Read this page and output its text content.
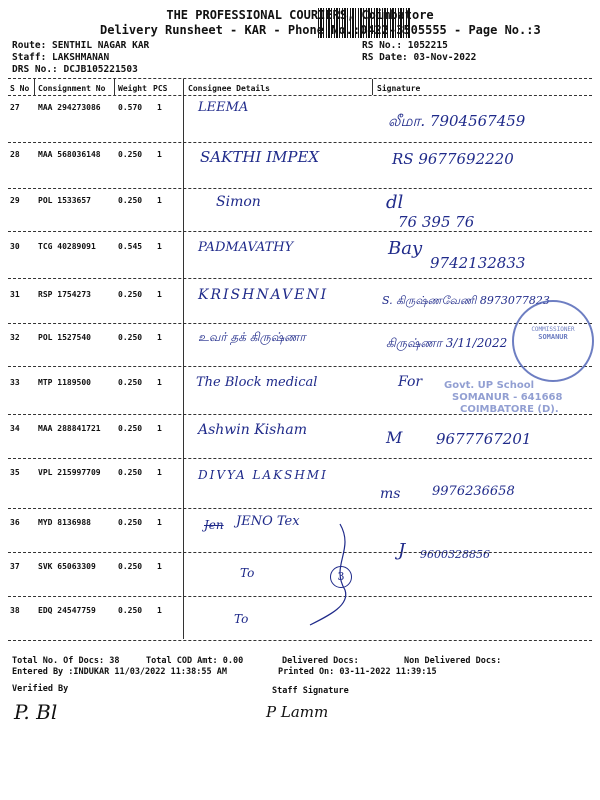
THE PROFESSIONAL COURIERS, Coimbatore
Delivery Runsheet - KAR - Phone No.:0422-3505555 - Page No.:3
Route: SENTHIL NAGAR KAR
Staff: LAKSHMANAN
DRS No.: DCJB105221503
RS No.: 1052215
RS Date: 03-Nov-2022
S No Consignment No Weight PCS	Consignee Details	Signature
27 MAA 294273086 0.570 1	LEEMA
லீமா. 7904567459
28 MAA 568036148 0.250 1	SAKTHI IMPEX	RS 9677692220
29 POL 1533657	0.250 1	Simon	dl
76 395 76
30 TCG 40289091	0.545 1	PADMAVATHY	Bay
9742132833
31 RSP 1754273	0.250 1	KRISHNAVENI	S. கிருஷ்ணவேணி 8973077823
32 POL 1527540	0.250 1	உவர் தக் கிருஷ்ணா	கிருஷ்ணா 3/11/2022
33 MTP 1189500	0.250 1	The Block medical	For
34 MAA 288841721 0.250 1	Ashwin Kisham	M 9677767201
35 VPL 215997709 0.250 1	DIVYA LAKSHMI
ms 9976236658
36 MYD 8136988	0.250 1	Jen JENO Tex
J 9600328856
37 SVK 65063309	0.250 1	To	3
38 EDQ 24547759	0.250 1
To
COMMISSIONER
SOMANUR
Govt. UP School
SOMANUR - 641668
COIMBATORE (D).
Total No. Of Docs: 38	Total COD Amt: 0.00	Delivered Docs:	Non Delivered Docs:
Entered By :INDUKAR 11/03/2022 11:38:55 AM	Printed On: 03-11-2022 11:39:15
Verified By	Staff Signature
P. Bl	P Lamm
